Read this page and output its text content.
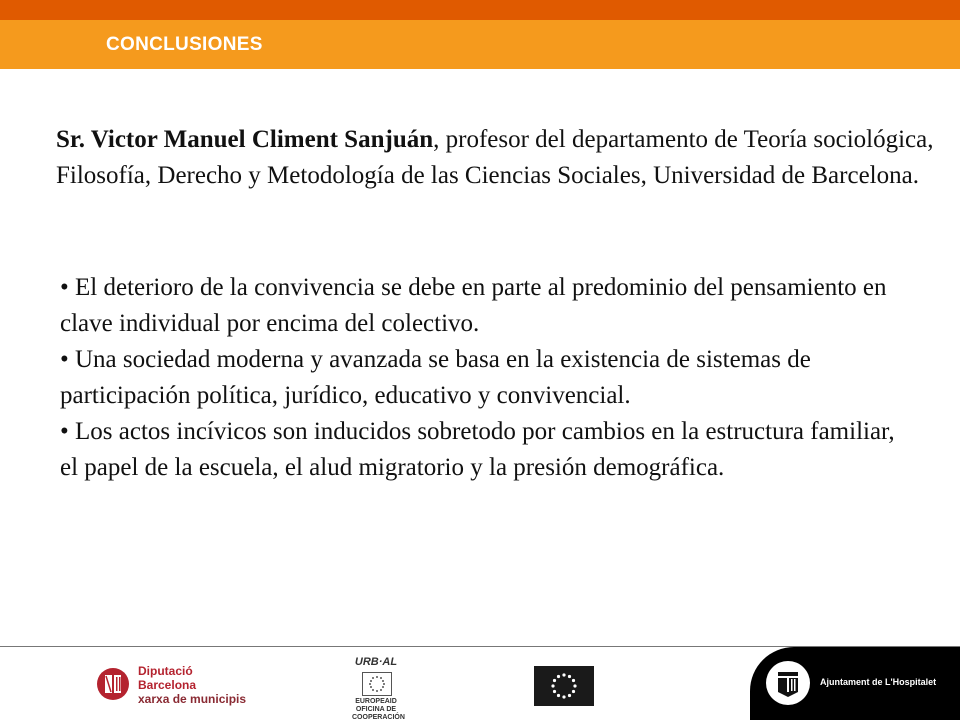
CONCLUSIONES
Sr. Victor Manuel Climent Sanjuán, profesor del departamento de Teoría sociológica, Filosofía, Derecho y Metodología de las Ciencias Sociales, Universidad de Barcelona.

• El deterioro de la convivencia se debe en parte al predominio del pensamiento en clave individual por encima del colectivo.

• Una sociedad moderna y avanzada se basa en la existencia de sistemas de participación política, jurídico, educativo y convivencial.

• Los actos incívicos son inducidos sobretodo por cambios en la estructura familiar, el papel de la escuela, el alud migratorio y la presión demográfica.

Diputació
Barcelona
xarxa de municipis
URB·AL
EUROPEAID
OFICINA DE COOPERACIÓN
Ajuntament de L'Hospitalet
